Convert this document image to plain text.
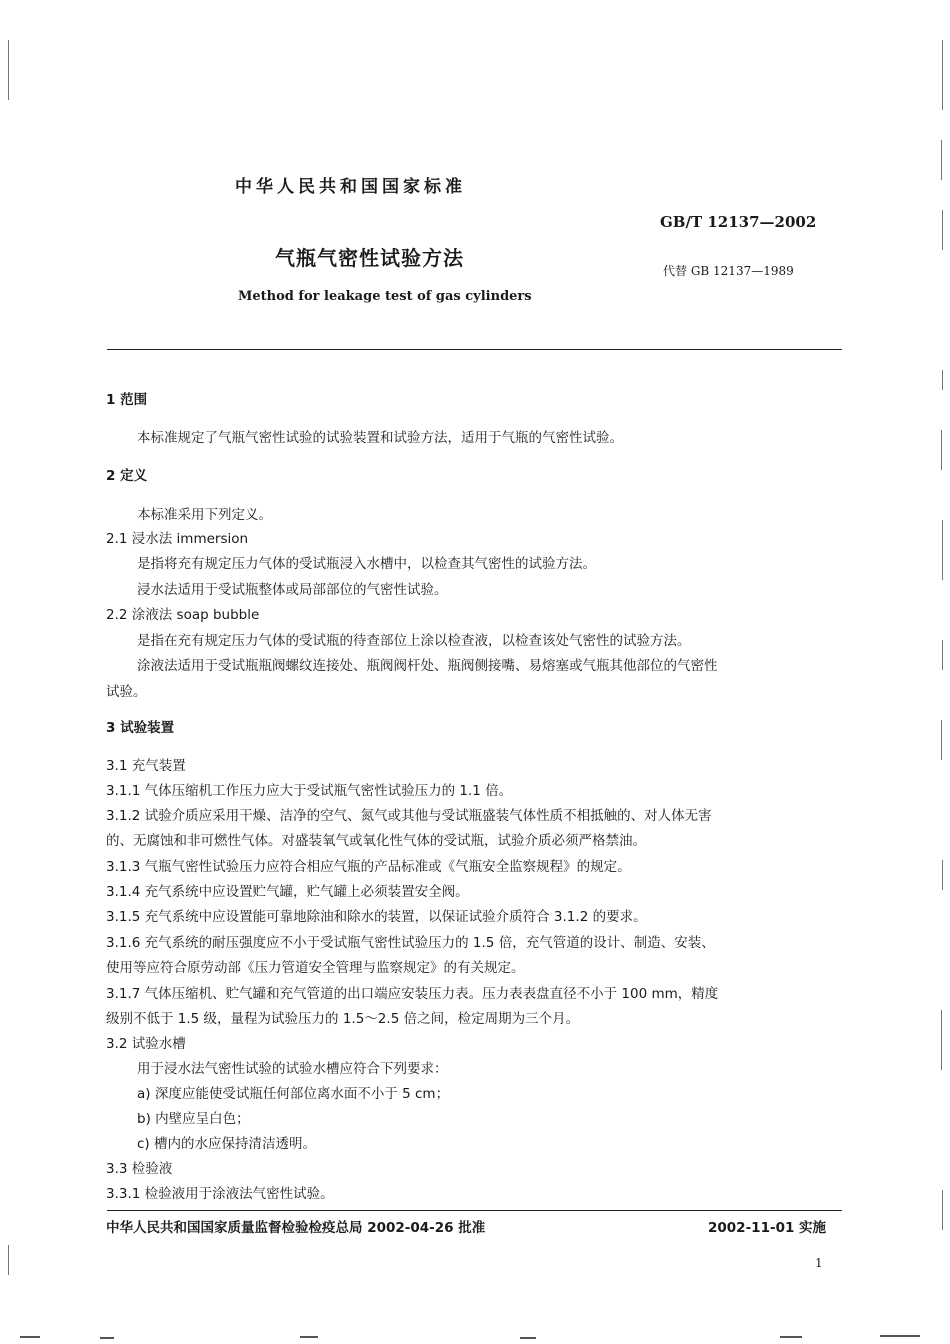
中华人民共和国国家标准
GB/T 12137—2002
气瓶气密性试验方法
代替 GB 12137—1989
Method for leakage test of gas cylinders
1 范围
本标准规定了气瓶气密性试验的试验装置和试验方法，适用于气瓶的气密性试验。
2 定义
本标准采用下列定义。
2.1 浸水法 immersion
是指将充有规定压力气体的受试瓶浸入水槽中，以检查其气密性的试验方法。
浸水法适用于受试瓶整体或局部部位的气密性试验。
2.2 涂液法 soap bubble
是指在充有规定压力气体的受试瓶的待查部位上涂以检查液，以检查该处气密性的试验方法。
涂液法适用于受试瓶瓶阀螺纹连接处、瓶阀阀杆处、瓶阀侧接嘴、易熔塞或气瓶其他部位的气密性
试验。
3 试验装置
3.1 充气装置
3.1.1 气体压缩机工作压力应大于受试瓶气密性试验压力的 1.1 倍。
3.1.2 试验介质应采用干燥、洁净的空气、氮气或其他与受试瓶盛装气体性质不相抵触的、对人体无害
的、无腐蚀和非可燃性气体。对盛装氧气或氧化性气体的受试瓶，试验介质必须严格禁油。
3.1.3 气瓶气密性试验压力应符合相应气瓶的产品标准或《气瓶安全监察规程》的规定。
3.1.4 充气系统中应设置贮气罐，贮气罐上必须装置安全阀。
3.1.5 充气系统中应设置能可靠地除油和除水的装置，以保证试验介质符合 3.1.2 的要求。
3.1.6 充气系统的耐压强度应不小于受试瓶气密性试验压力的 1.5 倍，充气管道的设计、制造、安装、
使用等应符合原劳动部《压力管道安全管理与监察规定》的有关规定。
3.1.7 气体压缩机、贮气罐和充气管道的出口端应安装压力表。压力表表盘直径不小于 100 mm，精度
级别不低于 1.5 级，量程为试验压力的 1.5～2.5 倍之间，检定周期为三个月。
3.2 试验水槽
用于浸水法气密性试验的试验水槽应符合下列要求：
a) 深度应能使受试瓶任何部位离水面不小于 5 cm；
b) 内壁应呈白色；
c) 槽内的水应保持清洁透明。
3.3 检验液
3.3.1 检验液用于涂液法气密性试验。
中华人民共和国国家质量监督检验检疫总局 2002-04-26 批准	2002-11-01 实施
1
